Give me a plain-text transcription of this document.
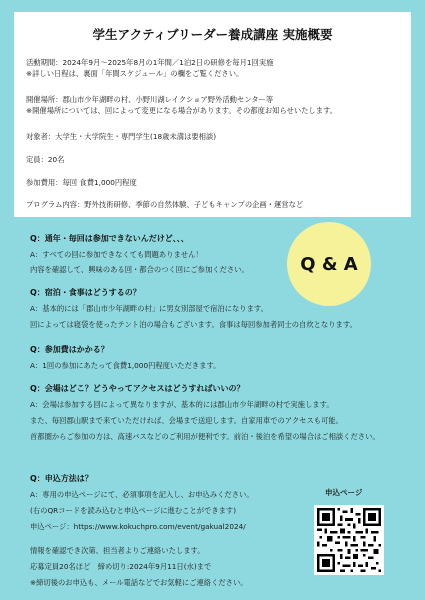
学生アクティブリーダー養成講座 実施概要
活動期間：2024年9月～2025年8月の1年間／1泊2日の研修を毎月1回実施
※詳しい日程は、裏面「年間スケジュール」の欄をご覧ください。
開催場所：郡山市少年湖畔の村、小野川湖レイクショア野外活動センター等
※開催場所については、回によって変更になる場合があります。その都度お知らせいたします。
対象者：大学生・大学院生・専門学生(18歳未満は要相談)
定員：20名
参加費用：毎回 食費1,000円程度
プログラム内容：野外技術研修、季節の自然体験、子どもキャンプの企画・運営など
Q & A
Q：通年・毎回は参加できないんだけど、、、
A：すべての回に参加できなくても問題ありません！
内容を確認して、興味のある回・都合のつく回にご参加ください。
Q：宿泊・食事はどうするの？
A：基本的には「郡山市少年湖畔の村」に男女別部屋で宿泊になります。
回によっては寝袋を使ったテント泊の場合もございます。食事は毎回参加者同士の自炊となります。
Q：参加費はかかる？
A：1回の参加にあたって食費1,000円程度いただきます。
Q：会場はどこ？どうやってアクセスはどうすればいいの？
A：会場は参加する回によって異なりますが、基本的には郡山市少年湖畔の村で実施します。
また、毎回郡山駅まで来ていただければ、会場まで送迎します。自家用車でのアクセスも可能。
首都圏からご参加の方は、高速バスなどのご利用が便利です。前泊・後泊を希望の場合はご相談ください。
Q：申込方法は？
A：専用の申込ページにて、必須事項を記入し、お申込みください。
(右のQRコードを読み込むと申込ページに進むことができます)
申込ページ：https://www.kokuchpro.com/event/gakual2024/
情報を確認でき次第、担当者よりご連絡いたします。
応募定員20名ほど　締め切り:2024年9月11日(水)まで
※締切後のお申込も、メール電話などでお気軽にご連絡ください。
申込ページ
